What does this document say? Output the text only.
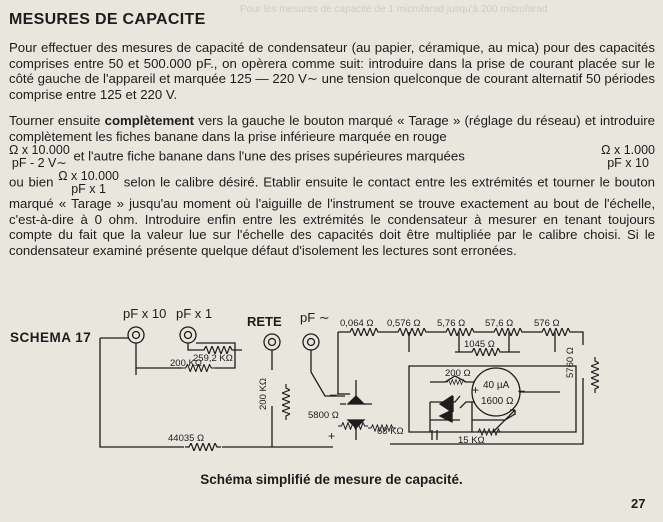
Pour les mesures de capacité de 1 microfarad jusqu'à 200 microfarad
MESURES DE CAPACITE
Pour effectuer des mesures de capacité de condensateur (au papier, céramique, au mica) pour des capacités comprises entre 50 et 500.000 pF., on opèrera comme suit: introduire dans la prise de courant placée sur le côté gauche de l'appareil et marquée 125 — 220 V∼ une tension quelconque de courant alternatif 50 périodes comprise entre 125 et 220 V.
Tourner ensuite complètement vers la gauche le bouton marqué « Tarage » (réglage du réseau) et introduire complètement les fiches banane dans la prise inférieure marquée en rouge

Ω x 10.000
pF - 2 V∼ et l'autre fiche banane dans l'une des prises supérieures marquées	Ω x 1.000
pF x 10

ou bien Ω x 10.000
pF x 1 selon le calibre désiré. Etablir ensuite le contact entre les extrémités et tourner le bouton marqué « Tarage » jusqu'au moment où l'aiguille de l'instrument se trouve exactement au bout de l'échelle, c'est-à-dire à 0 ohm. Introduire enfin entre les extrémités le condensateur à mesurer en tenant toujours compte du fait que la valeur lue sur l'échelle des capacités doit être multipliée par le calibre choisi. Si le condensateur examiné présente quelque défaut d'isolement les lectures sont erronées.
SCHEMA 17
pF x 10 pF x 1
RETE pF ∼ 0,064 Ω 0,576 Ω 5,76 Ω 57,6 Ω 576 Ω
5760 Ω
1045 Ω
259,2 KΩ
200 KΩ
200 KΩ
5800 Ω
68 KΩ
44035 Ω
200 Ω
15 KΩ
40 µA
1600 Ω
+	–
+
–
Schéma simplifié de mesure de capacité.
27
